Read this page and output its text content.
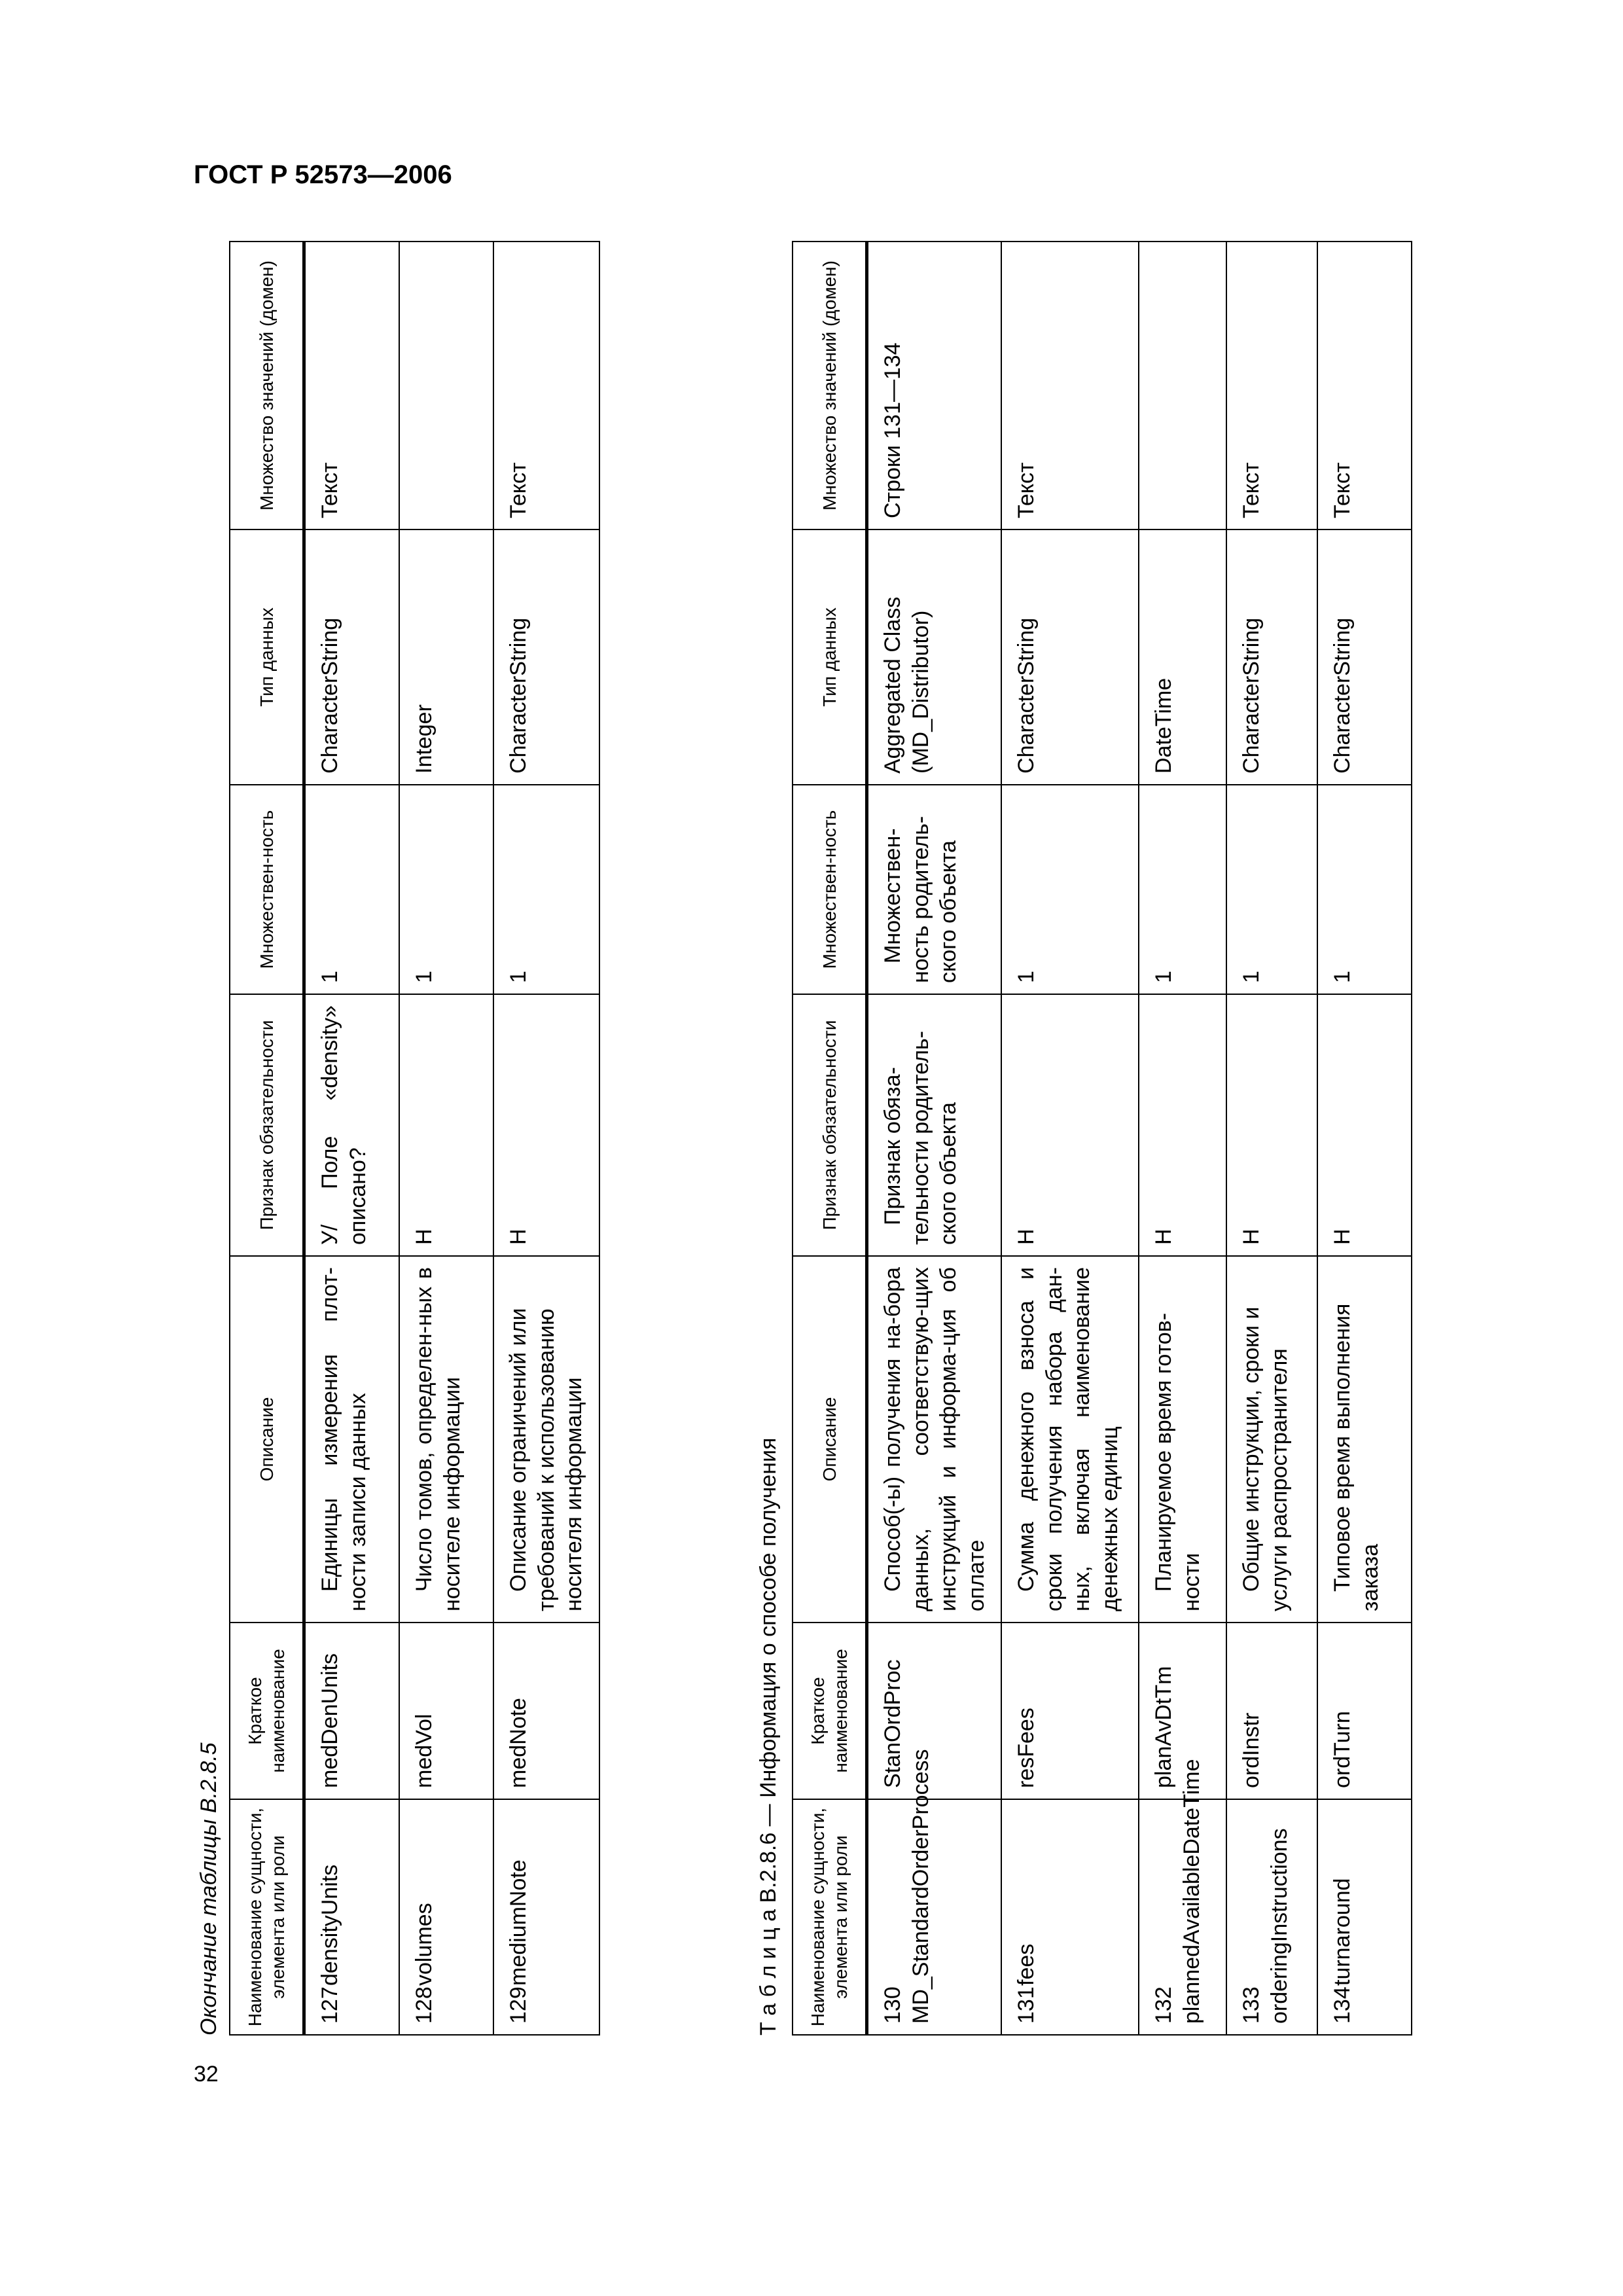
ГОСТ Р 52573—2006
32
Окончание таблицы В.2.8.5 Наименование сущности, элемента или роли	Краткое наименование	Описание	Признак обязательности	Множествен-ность	Тип данных	Множество значений (домен)
127densityUnits	medDenUnits	Единицы измерения плот-ности записи данных	У/ Поле «density» описано?	1	CharacterString	Текст
128volumes	medVol	Число томов, определен-ных в носителе информации	Н	1	Integer	
129mediumNote	medNote	Описание ограничений или требований к использованию носителя информации	Н	1	CharacterString	Текст
Т а б л и ц а В.2.8.6 — Информация о способе получения Наименование сущности, элемента или роли	Краткое наименование	Описание	Признак обязательности	Множествен-ность	Тип данных	Множество значений (домен)
130 MD_StandardOrderProcess	StanOrdProc	Способ(-ы) получения на-бора данных, соответствую-щих инструкций и информа-ция об оплате	Признак обяза-тельности родитель-ского объекта	Множествен-ность родитель-ского объекта	Aggregated Class (MD_Distributor)	Строки 131—134
131fees	resFees	Сумма денежного взноса и сроки получения набора дан-ных, включая наименование денежных единиц	Н	1	CharacterString	Текст
132 plannedAvailableDateTime	planAvDtTm	Планируемое время готов-ности	Н	1	DateTime	
133 orderingInstructions	ordInstr	Общие инструкции, сроки и услуги распространителя	Н	1	CharacterString	Текст
134turnaround	ordTurn	Типовое время выполнения заказа	Н	1	CharacterString	Текст
